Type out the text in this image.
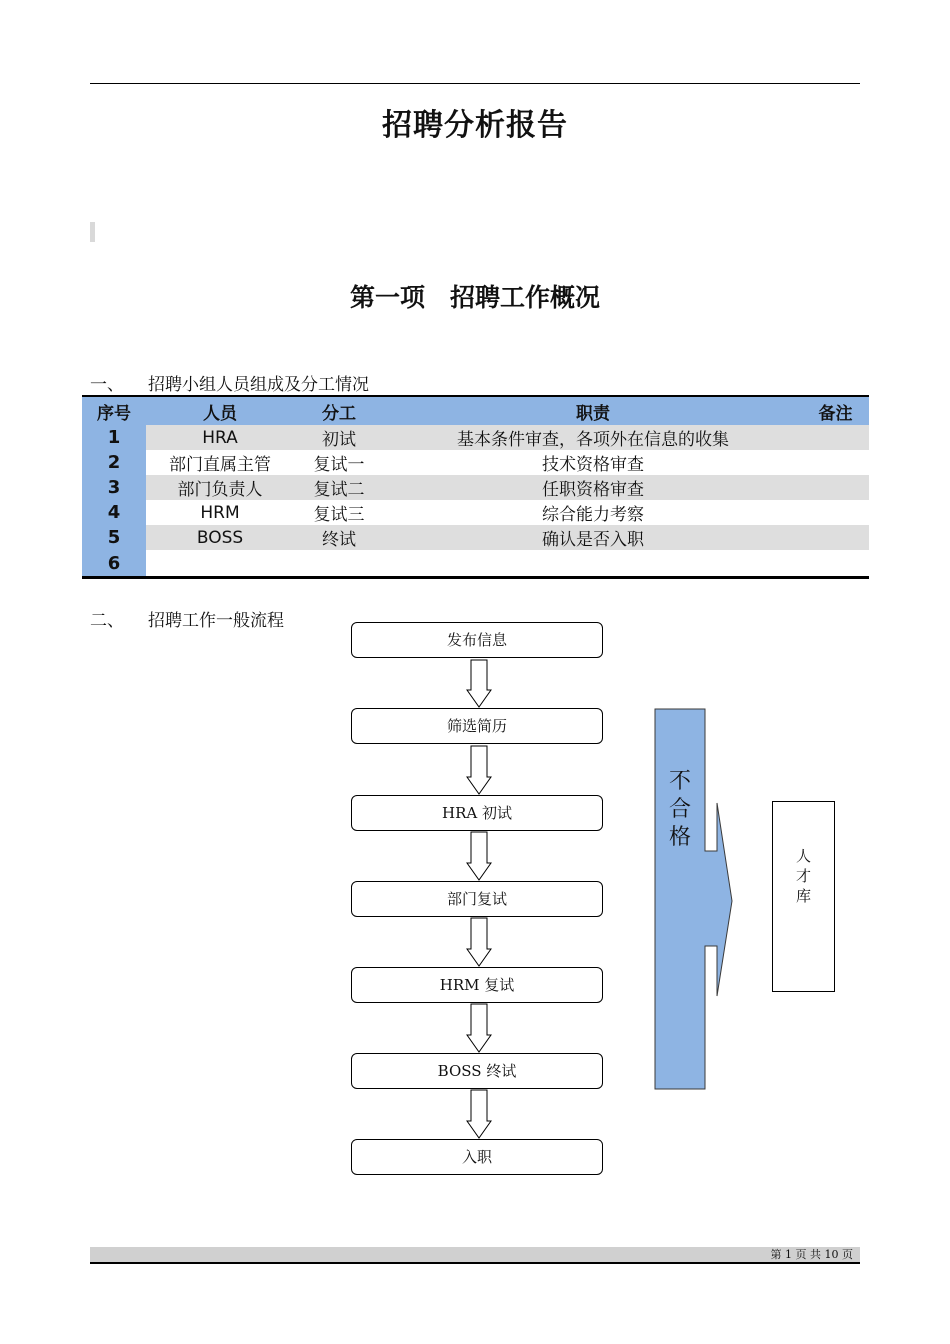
招聘分析报告
第一项　招聘工作概况
一、 招聘小组人员组成及分工情况
序号	人员	分工	职责	备注
1	HRA	初试	基本条件审查，各项外在信息的收集	
2	部门直属主管	复试一	技术资格审查	
3	部门负责人	复试二	任职资格审查	
4	HRM	复试三	综合能力考察	
5	BOSS	终试	确认是否入职	
6				
二、 招聘工作一般流程
发布信息
筛选简历
HRA 初试
部门复试
HRM 复试
BOSS 终试
入职
不
合
格
人
才
库
第 1 页 共 10 页
